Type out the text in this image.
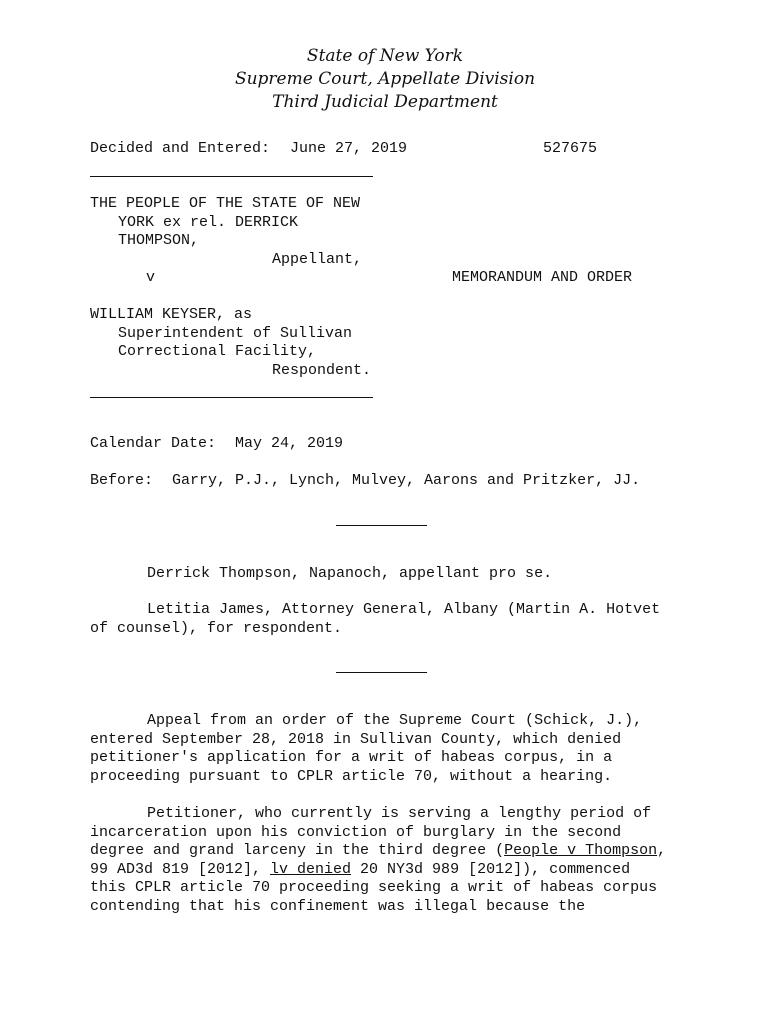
State of New York
Supreme Court, Appellate Division
Third Judicial Department
Decided and Entered: June 27, 2019	527675
THE PEOPLE OF THE STATE OF NEW
YORK ex rel. DERRICK
THOMPSON,
Appellant,
v	MEMORANDUM AND ORDER
WILLIAM KEYSER, as
Superintendent of Sullivan
Correctional Facility,
Respondent.
Calendar Date: May 24, 2019
Before: Garry, P.J., Lynch, Mulvey, Aarons and Pritzker, JJ.
Derrick Thompson, Napanoch, appellant pro se.
Letitia James, Attorney General, Albany (Martin A. Hotvet
of counsel), for respondent.
Appeal from an order of the Supreme Court (Schick, J.),
entered September 28, 2018 in Sullivan County, which denied
petitioner's application for a writ of habeas corpus, in a
proceeding pursuant to CPLR article 70, without a hearing.
Petitioner, who currently is serving a lengthy period of
incarceration upon his conviction of burglary in the second
degree and grand larceny in the third degree (People v Thompson,
99 AD3d 819 [2012], lv denied 20 NY3d 989 [2012]), commenced
this CPLR article 70 proceeding seeking a writ of habeas corpus
contending that his confinement was illegal because the
